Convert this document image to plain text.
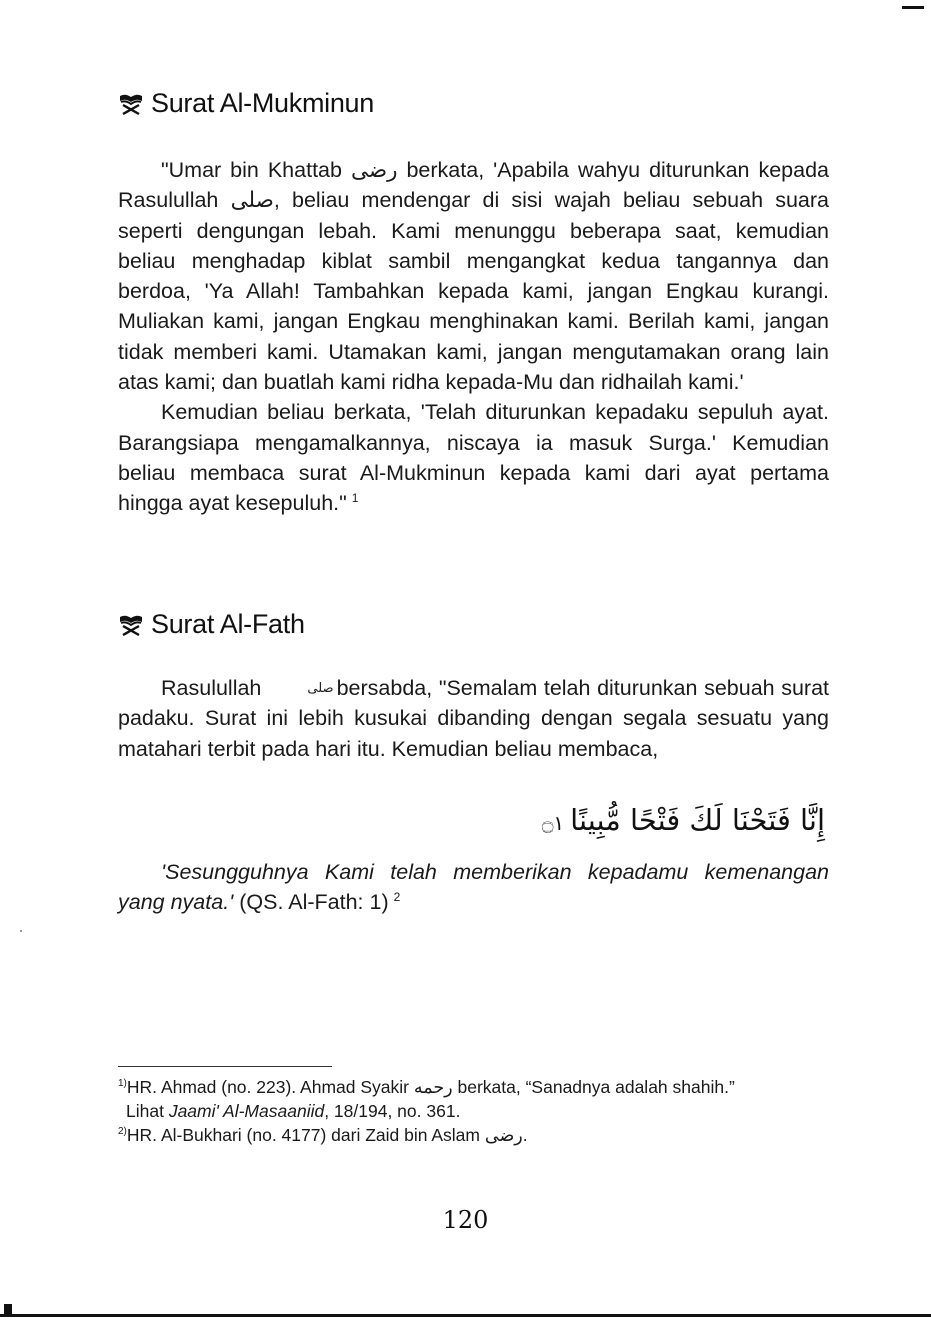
Surat Al-Mukminun

"Umar bin Khattab رضى berkata, 'Apabila wahyu diturunkan kepada Rasulullah صلى, beliau mendengar di sisi wajah beliau sebuah suara seperti dengungan lebah. Kami menunggu beberapa saat, kemudian beliau menghadap kiblat sambil mengangkat kedua tangannya dan berdoa, 'Ya Allah! Tambahkan kepada kami, jangan Engkau kurangi. Muliakan kami, jangan Engkau menghinakan kami. Berilah kami, jangan tidak memberi kami. Utamakan kami, jangan mengutamakan orang lain atas kami; dan buatlah kami ridha kepada-Mu dan ridhailah kami.'

Kemudian beliau berkata, 'Telah diturunkan kepadaku sepuluh ayat. Barangsiapa mengamalkannya, niscaya ia masuk Surga.' Kemudian beliau membaca surat Al-Mukminun kepada kami dari ayat pertama hingga ayat kesepuluh." $^1$

Surat Al-Fath

Rasulullah	صلى bersabda, "Semalam telah diturunkan sebuah surat padaku. Surat ini lebih kusukai dibanding dengan segala sesuatu yang matahari terbit pada hari itu. Kemudian beliau membaca,

إِنَّا فَتَحْنَا لَكَ فَتْحًا مُّبِينًا۝١

'Sesungguhnya Kami telah memberikan kepadamu kemenangan yang nyata.' (QS. Al-Fath: 1) $^2$

$^{1)}$HR. Ahmad (no. 223). Ahmad Syakir رحمه berkata, “Sanadnya adalah shahih.”

Lihat Jaami' Al-Masaaniid, 18/194, no. 361.

$^{2)}$HR. Al-Bukhari (no. 4177) dari Zaid bin Aslam رضى.

120
